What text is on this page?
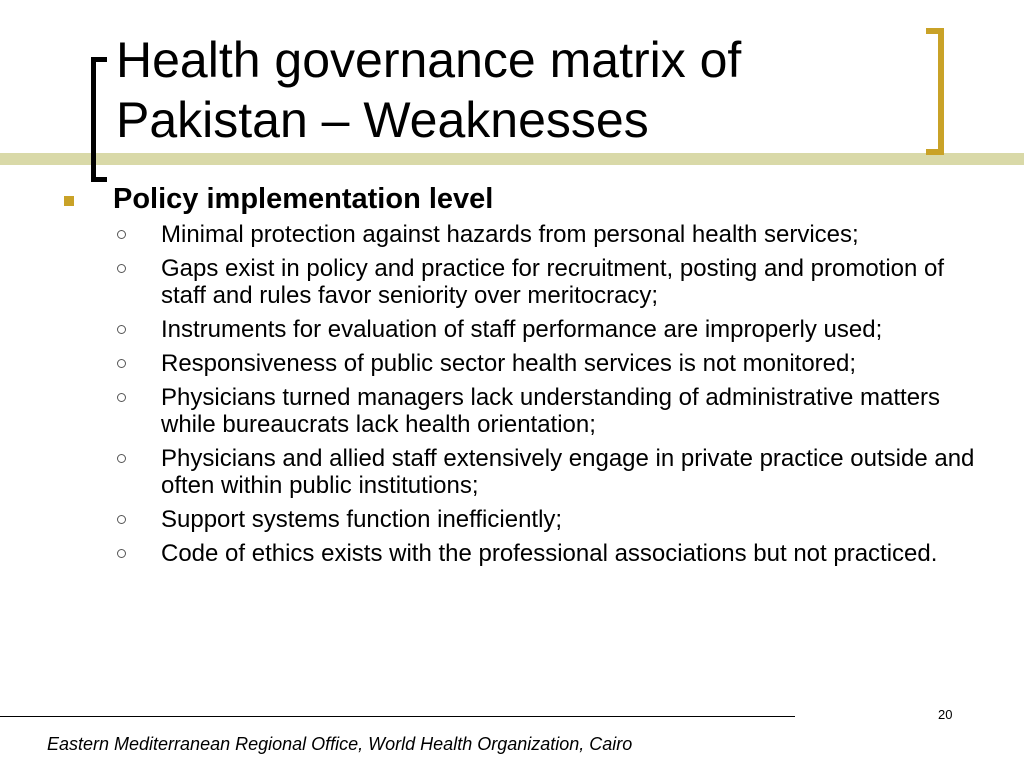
Health governance matrix of
Pakistan – Weaknesses
Policy implementation level
Minimal protection against hazards from personal health services;
Gaps exist in policy and practice for recruitment, posting and promotion of staff and rules favor seniority over meritocracy;
Instruments for evaluation of staff performance are improperly used;
Responsiveness of public sector health services is not monitored;
Physicians turned managers lack understanding of administrative matters while bureaucrats lack health orientation;
Physicians and allied staff extensively engage in private practice outside and often within public institutions;
Support systems function inefficiently;
Code of ethics exists with the professional associations but not practiced.
20
Eastern Mediterranean Regional Office, World Health Organization, Cairo
